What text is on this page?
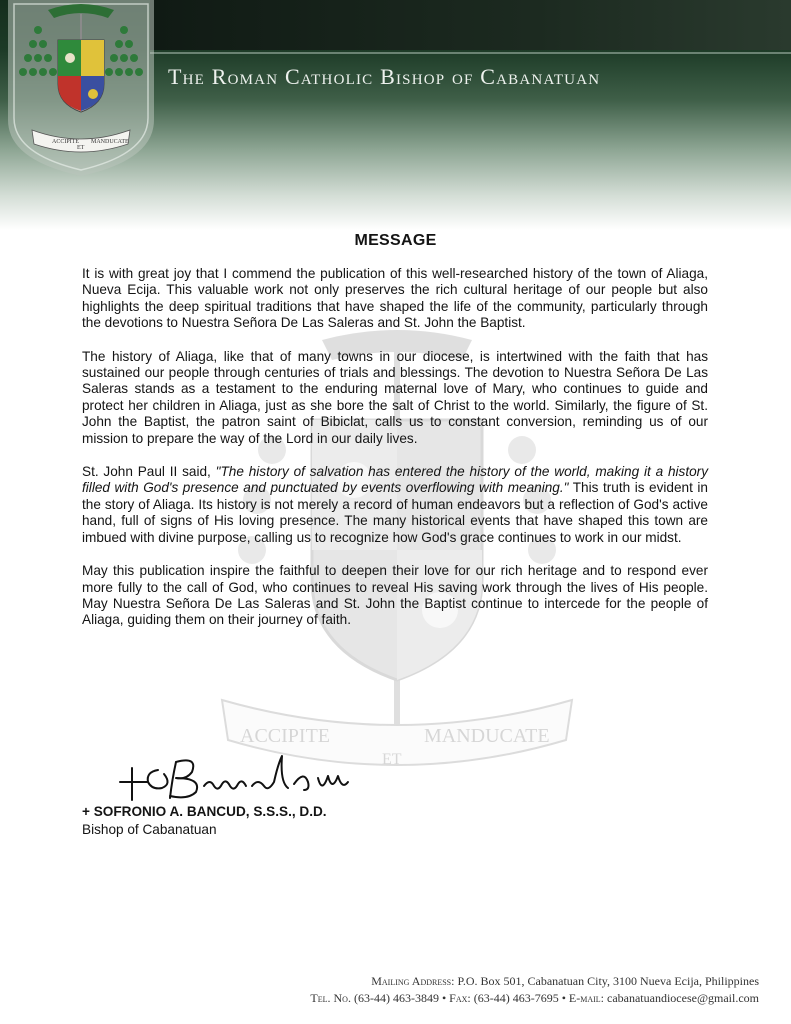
ACCIPITE
ET
MANDUCATE
The Roman Catholic Bishop of Cabanatuan
ACCIPITE
ET
MANDUCATE
MESSAGE

It is with great joy that I commend the publication of this well-researched history of the town of Aliaga, Nueva Ecija. This valuable work not only preserves the rich cultural heritage of our people but also highlights the deep spiritual traditions that have shaped the life of the community, particularly through the devotions to Nuestra Señora De Las Saleras and St. John the Baptist.

The history of Aliaga, like that of many towns in our diocese, is intertwined with the faith that has sustained our people through centuries of trials and blessings. The devotion to Nuestra Señora De Las Saleras stands as a testament to the enduring maternal love of Mary, who continues to guide and protect her children in Aliaga, just as she bore the salt of Christ to the world. Similarly, the figure of St. John the Baptist, the patron saint of Bibiclat, calls us to constant conversion, reminding us of our mission to prepare the way of the Lord in our daily lives.

St. John Paul II said, "The history of salvation has entered the history of the world, making it a history filled with God's presence and punctuated by events overflowing with meaning." This truth is evident in the story of Aliaga. Its history is not merely a record of human endeavors but a reflection of God's active hand, full of signs of His loving presence. The many historical events that have shaped this town are imbued with divine purpose, calling us to recognize how God's grace continues to work in our midst.

May this publication inspire the faithful to deepen their love for our rich heritage and to respond ever more fully to the call of God, who continues to reveal His saving work through the lives of His people. May Nuestra Señora De Las Saleras and St. John the Baptist continue to intercede for the people of Aliaga, guiding them on their journey of faith.

+ SOFRONIO A. BANCUD, S.S.S., D.D.
Bishop of Cabanatuan
Mailing Address: P.O. Box 501, Cabanatuan City, 3100 Nueva Ecija, Philippines
Tel. No. (63-44) 463-3849 • Fax: (63-44) 463-7695 • E-mail: cabanatuandiocese@gmail.com
